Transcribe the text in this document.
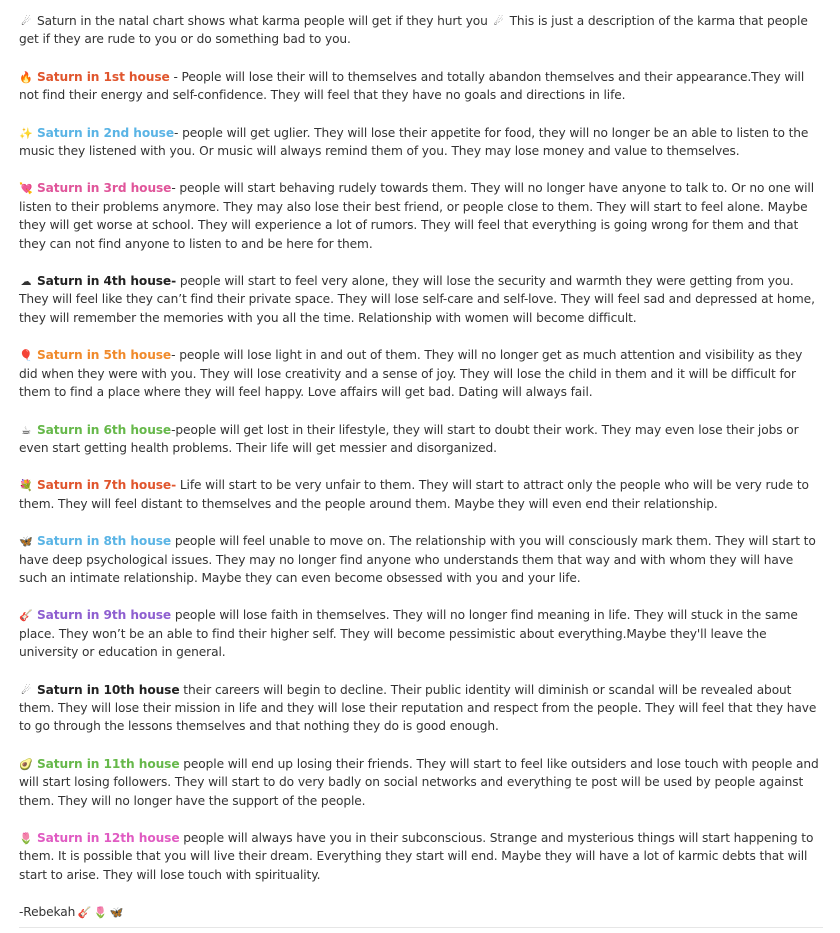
☄ Saturn in the natal chart shows what karma people will get if they hurt you ☄ This is just a description of the karma that people get if they are rude to you or do something bad to you.

🔥 Saturn in 1st house - People will lose their will to themselves and totally abandon themselves and their appearance.They will not find their energy and self-confidence. They will feel that they have no goals and directions in life.

✨ Saturn in 2nd house- people will get uglier. They will lose their appetite for food, they will no longer be an able to listen to the music they listened with you. Or music will always remind them of you. They may lose money and value to themselves.

💘 Saturn in 3rd house- people will start behaving rudely towards them. They will no longer have anyone to talk to. Or no one will listen to their problems anymore. They may also lose their best friend, or people close to them. They will start to feel alone. Maybe they will get worse at school. They will experience a lot of rumors. They will feel that everything is going wrong for them and that they can not find anyone to listen to and be here for them.

☁ Saturn in 4th house- people will start to feel very alone, they will lose the security and warmth they were getting from you. They will feel like they can’t find their private space. They will lose self-care and self-love. They will feel sad and depressed at home, they will remember the memories with you all the time. Relationship with women will become difficult.

🎈 Saturn in 5th house- people will lose light in and out of them. They will no longer get as much attention and visibility as they did when they were with you. They will lose creativity and a sense of joy. They will lose the child in them and it will be difficult for them to find a place where they will feel happy. Love affairs will get bad. Dating will always fail.

☕ Saturn in 6th house-people will get lost in their lifestyle, they will start to doubt their work. They may even lose their jobs or even start getting health problems. Their life will get messier and disorganized.

💐 Saturn in 7th house- Life will start to be very unfair to them. They will start to attract only the people who will be very rude to them. They will feel distant to themselves and the people around them. Maybe they will even end their relationship.

🦋 Saturn in 8th house people will feel unable to move on. The relationship with you will consciously mark them. They will start to have deep psychological issues. They may no longer find anyone who understands them that way and with whom they will have such an intimate relationship. Maybe they can even become obsessed with you and your life.

🎸 Saturn in 9th house people will lose faith in themselves. They will no longer find meaning in life. They will stuck in the same place. They won’t be an able to find their higher self. They will become pessimistic about everything.Maybe they'll leave the university or education in general.

☄ Saturn in 10th house their careers will begin to decline. Their public identity will diminish or scandal will be revealed about them. They will lose their mission in life and they will lose their reputation and respect from the people. They will feel that they have to go through the lessons themselves and that nothing they do is good enough.

🥑 Saturn in 11th house people will end up losing their friends. They will start to feel like outsiders and lose touch with people and will start losing followers. They will start to do very badly on social networks and everything te post will be used by people against them. They will no longer have the support of the people.

🌷 Saturn in 12th house people will always have you in their subconscious. Strange and mysterious things will start happening to them. It is possible that you will live their dream. Everything they start will end. Maybe they will have a lot of karmic debts that will start to arise. They will lose touch with spirituality.

-Rebekah 🎸 🌷 🦋
